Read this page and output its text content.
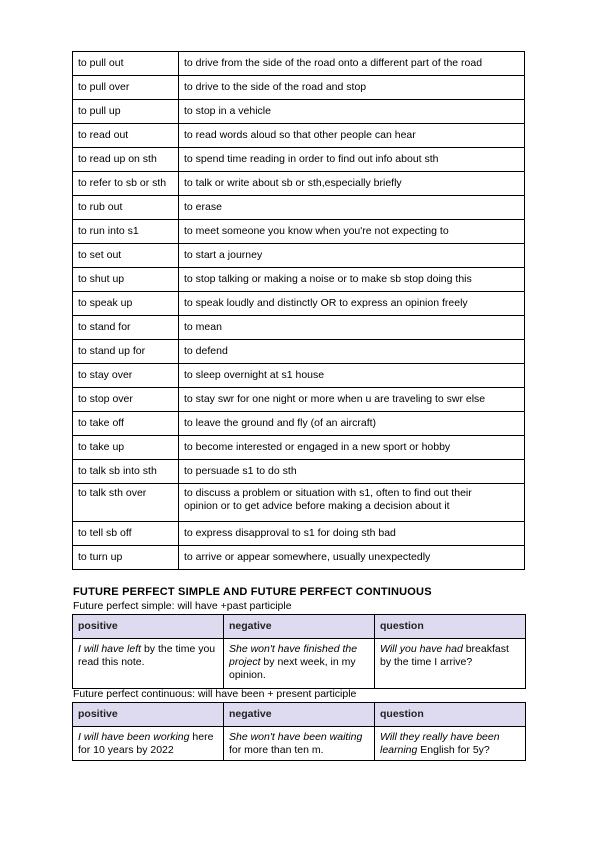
to pull out	to drive from the side of the road onto a different part of the road
to pull over	to drive to the side of the road and stop
to pull up	to stop in a vehicle
to read out	to read words aloud so that other people can hear
to read up on sth	to spend time reading in order to find out info about sth
to refer to sb or sth	to talk or write about sb or sth,especially briefly
to rub out	to erase
to run into s1	to meet someone you know when you're not expecting to
to set out	to start a journey
to shut up	to stop talking or making a noise or to make sb stop doing this
to speak up	to speak loudly and distinctly OR to express an opinion freely
to stand for	to mean
to stand up for	to defend
to stay over	to sleep overnight at s1 house
to stop over	to stay swr for one night or more when u are traveling to swr else
to take off	to leave the ground and fly (of an aircraft)
to take up	to become interested or engaged in a new sport or hobby
to talk sb into sth	to persuade s1 to do sth
to talk sth over	to discuss a problem or situation with s1, often to find out their
opinion or to get advice before making a decision about it

to tell sb off	to express disapproval to s1 for doing sth bad
to turn up	to arrive or appear somewhere, usually unexpectedly
FUTURE PERFECT SIMPLE AND FUTURE PERFECT CONTINUOUS
Future perfect simple: will have +past participle
positive	negative	question
I will have left by the time you read this note.	She won't have finished the project by next week, in my opinion.	Will you have had breakfast by the time I arrive?
Future perfect continuous: will have been + present participle
positive	negative	question
I will have been working here for 10 years by 2022	She won't have been waiting for more than ten m.	Will they really have been learning English for 5y?
